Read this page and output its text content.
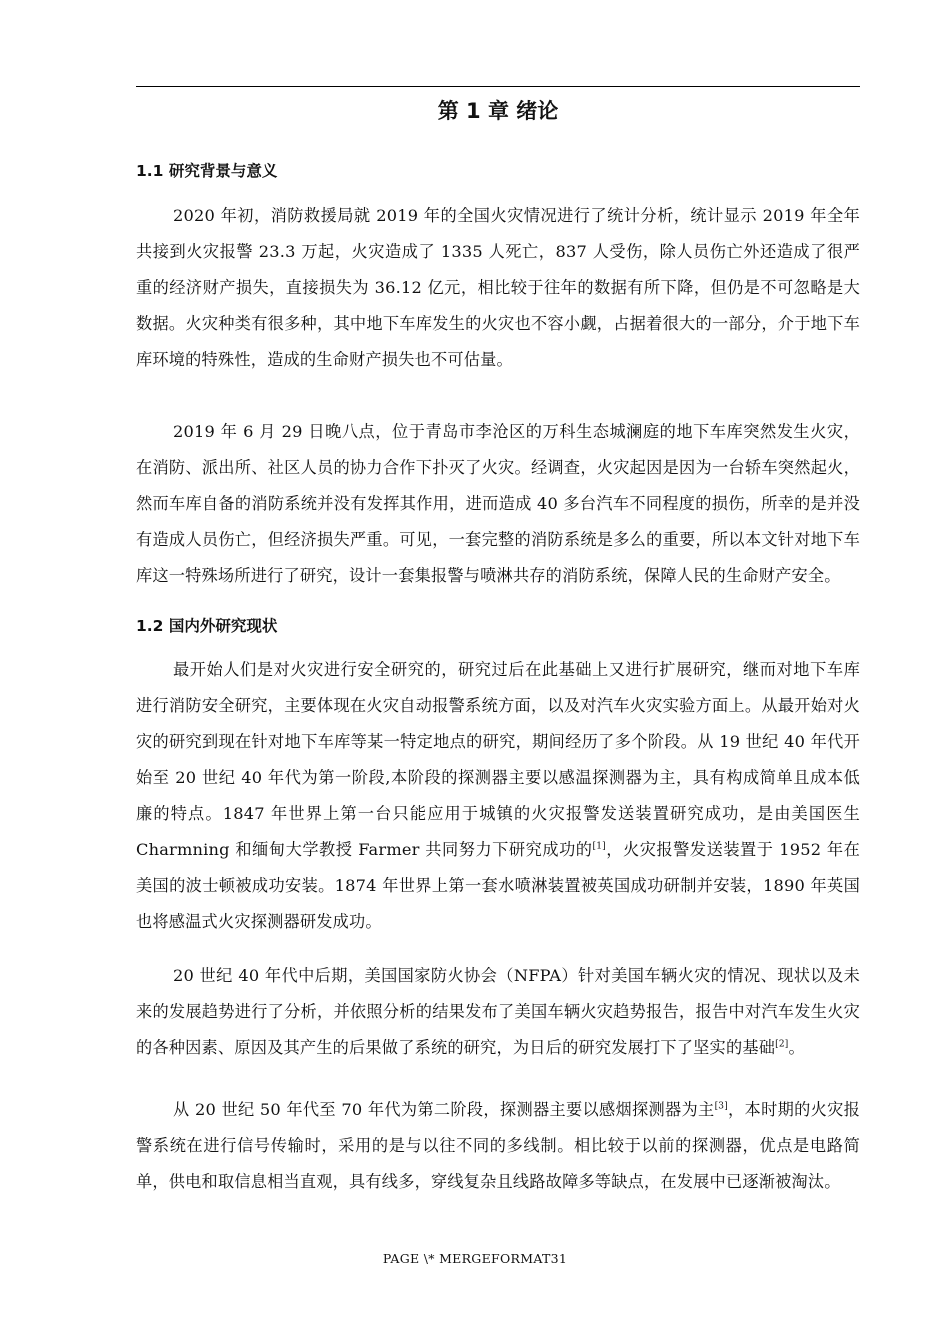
第 1 章 绪论
1.1 研究背景与意义

2020 年初，消防救援局就 2019 年的全国火灾情况进行了统计分析，统计显示 2019 年全年共接到火灾报警 23.3 万起，火灾造成了 1335 人死亡，837 人受伤，除人员伤亡外还造成了很严重的经济财产损失，直接损失为 36.12 亿元，相比较于往年的数据有所下降，但仍是不可忽略是大数据。火灾种类有很多种，其中地下车库发生的火灾也不容小觑，占据着很大的一部分，介于地下车库环境的特殊性，造成的生命财产损失也不可估量。

2019 年 6 月 29 日晚八点，位于青岛市李沧区的万科生态城澜庭的地下车库突然发生火灾，在消防、派出所、社区人员的协力合作下扑灭了火灾。经调查，火灾起因是因为一台轿车突然起火，然而车库自备的消防系统并没有发挥其作用，进而造成 40 多台汽车不同程度的损伤，所幸的是并没有造成人员伤亡，但经济损失严重。可见，一套完整的消防系统是多么的重要，所以本文针对地下车库这一特殊场所进行了研究，设计一套集报警与喷淋共存的消防系统，保障人民的生命财产安全。

1.2 国内外研究现状

最开始人们是对火灾进行安全研究的，研究过后在此基础上又进行扩展研究，继而对地下车库进行消防安全研究，主要体现在火灾自动报警系统方面，以及对汽车火灾实验方面上。从最开始对火灾的研究到现在针对地下车库等某一特定地点的研究，期间经历了多个阶段。从 19 世纪 40 年代开始至 20 世纪 40 年代为第一阶段,本阶段的探测器主要以感温探测器为主，具有构成简单且成本低廉的特点。1847 年世界上第一台只能应用于城镇的火灾报警发送装置研究成功，是由美国医生 Charmning 和缅甸大学教授 Farmer 共同努力下研究成功的[1]，火灾报警发送装置于 1952 年在美国的波士顿被成功安装。1874 年世界上第一套水喷淋装置被英国成功研制并安装，1890 年英国也将感温式火灾探测器研发成功。

20 世纪 40 年代中后期，美国国家防火协会（NFPA）针对美国车辆火灾的情况、现状以及未来的发展趋势进行了分析，并依照分析的结果发布了美国车辆火灾趋势报告，报告中对汽车发生火灾的各种因素、原因及其产生的后果做了系统的研究，为日后的研究发展打下了坚实的基础[2]。

从 20 世纪 50 年代至 70 年代为第二阶段，探测器主要以感烟探测器为主[3]，本时期的火灾报警系统在进行信号传输时，采用的是与以往不同的多线制。相比较于以前的探测器，优点是电路简单，供电和取信息相当直观，具有线多，穿线复杂且线路故障多等缺点，在发展中已逐渐被淘汰。

PAGE \* MERGEFORMAT31
